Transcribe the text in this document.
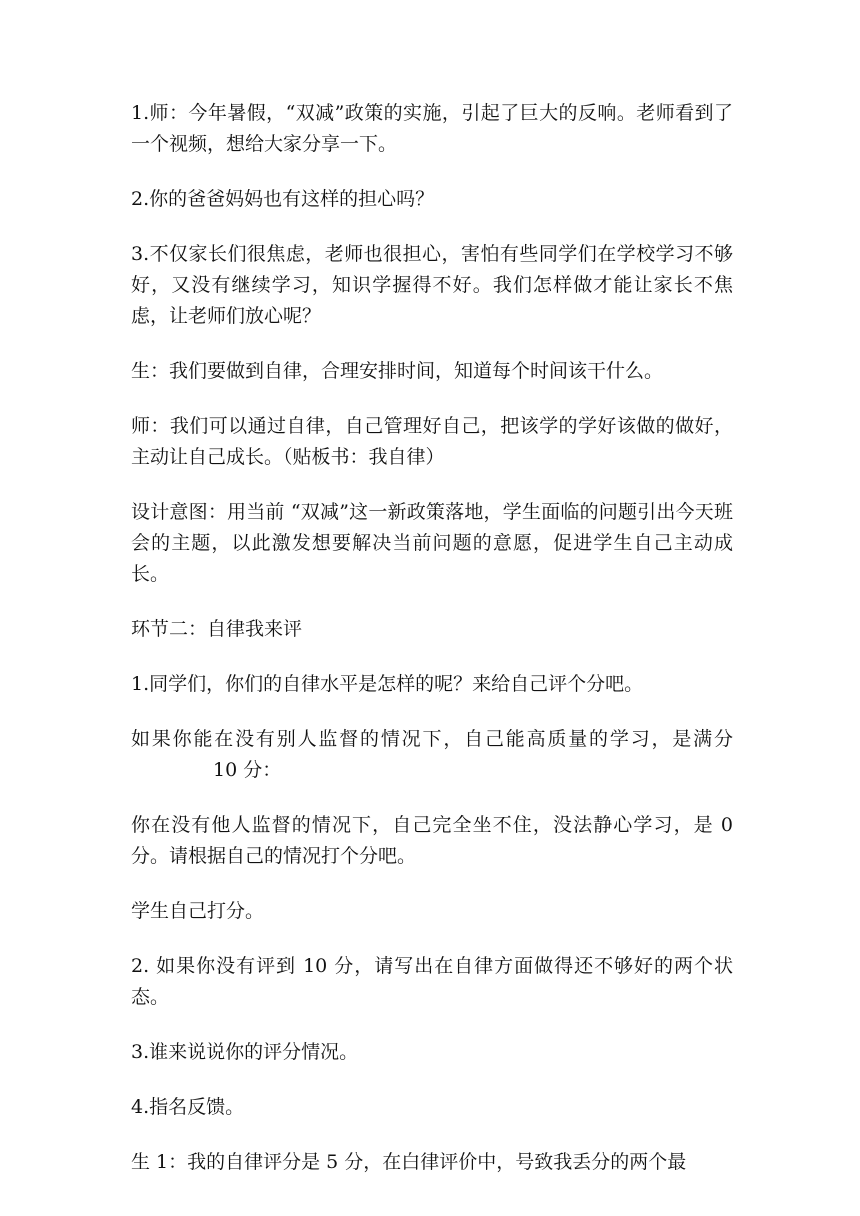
1.师：今年暑假，“双减”政策的实施，引起了巨大的反响。老师看到了一个视频，想给大家分享一下。

2.你的爸爸妈妈也有这样的担心吗？

3.不仅家长们很焦虑，老师也很担心，害怕有些同学们在学校学习不够好，又没有继续学习，知识学握得不好。我们怎样做才能让家长不焦虑，让老师们放心呢？

生：我们要做到自律，合理安排时间，知道每个时间该干什么。

师：我们可以通过自律，自己管理好自己，把该学的学好该做的做好，主动让自己成长。（贴板书：我自律）

设计意图：用当前 “双减”这一新政策落地，学生面临的问题引出今天班会的主题，以此激发想要解决当前问题的意愿，促进学生自己主动成长。

环节二：自律我来评

1.同学们，你们的自律水平是怎样的呢？来给自己评个分吧。

如果你能在没有别人监督的情况下，自己能高质量的学习，是满分10 分：

你在没有他人监督的情况下，自己完全坐不住，没法静心学习，是 0 分。请根据自己的情况打个分吧。

学生自己打分。

2. 如果你没有评到 10 分，请写出在自律方面做得还不够好的两个状态。

3.谁来说说你的评分情况。

4.指名反馈。

生 1：我的自律评分是 5 分，在白律评价中，号致我丢分的两个最
